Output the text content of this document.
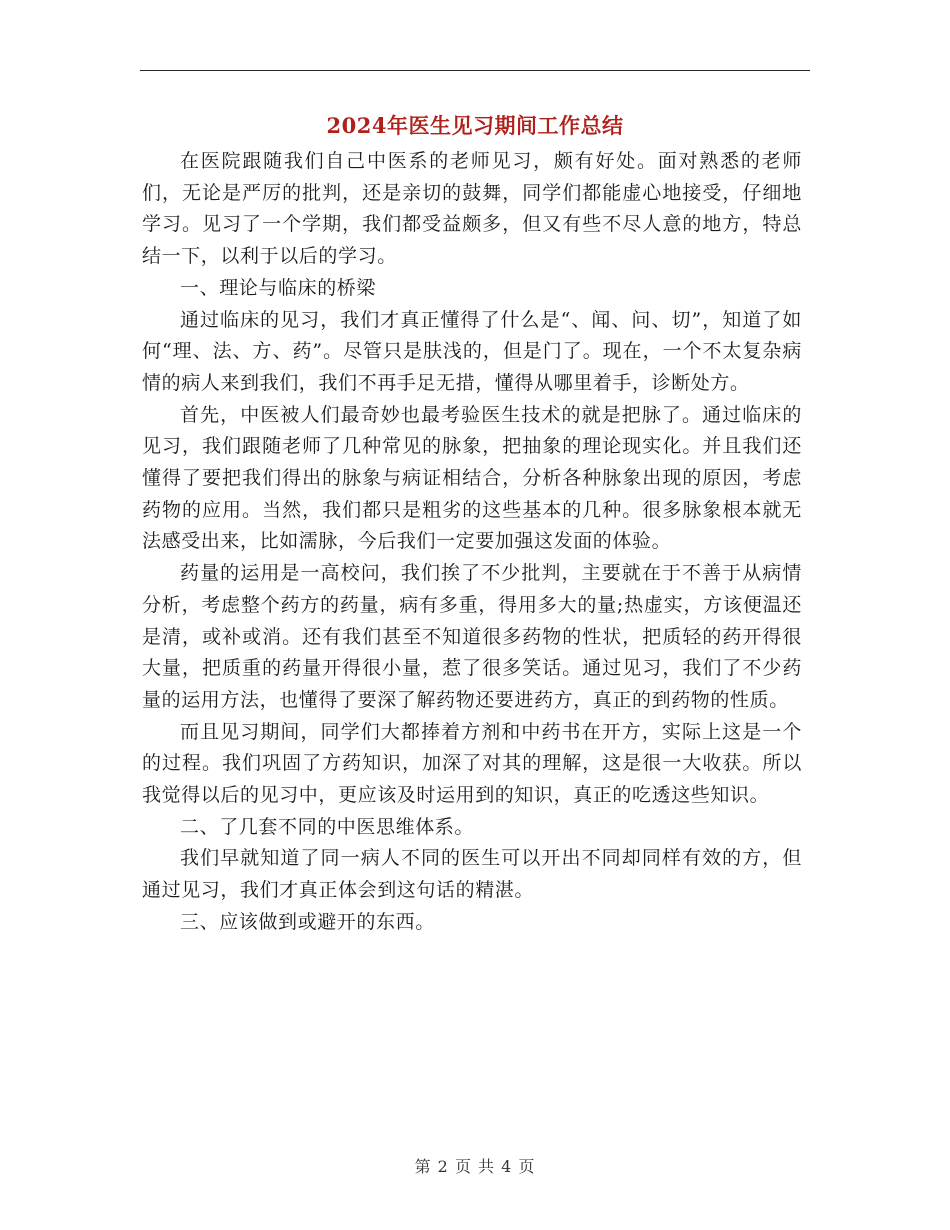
2024年医生见习期间工作总结

在医院跟随我们自己中医系的老师见习，颇有好处。面对熟悉的老师们，无论是严厉的批判，还是亲切的鼓舞，同学们都能虚心地接受，仔细地学习。见习了一个学期，我们都受益颇多，但又有些不尽人意的地方，特总结一下，以利于以后的学习。

一、理论与临床的桥梁

通过临床的见习，我们才真正懂得了什么是“、闻、问、切”，知道了如何“理、法、方、药”。尽管只是肤浅的，但是门了。现在，一个不太复杂病情的病人来到我们，我们不再手足无措，懂得从哪里着手，诊断处方。

首先，中医被人们最奇妙也最考验医生技术的就是把脉了。通过临床的见习，我们跟随老师了几种常见的脉象，把抽象的理论现实化。并且我们还懂得了要把我们得出的脉象与病证相结合，分析各种脉象出现的原因，考虑药物的应用。当然，我们都只是粗劣的这些基本的几种。很多脉象根本就无法感受出来，比如濡脉，今后我们一定要加强这发面的体验。

药量的运用是一高校问，我们挨了不少批判，主要就在于不善于从病情分析，考虑整个药方的药量，病有多重，得用多大的量;热虚实，方该便温还是清，或补或消。还有我们甚至不知道很多药物的性状，把质轻的药开得很大量，把质重的药量开得很小量，惹了很多笑话。通过见习，我们了不少药量的运用方法，也懂得了要深了解药物还要进药方，真正的到药物的性质。

而且见习期间，同学们大都捧着方剂和中药书在开方，实际上这是一个的过程。我们巩固了方药知识，加深了对其的理解，这是很一大收获。所以我觉得以后的见习中，更应该及时运用到的知识，真正的吃透这些知识。

二、了几套不同的中医思维体系。

我们早就知道了同一病人不同的医生可以开出不同却同样有效的方，但通过见习，我们才真正体会到这句话的精湛。

三、应该做到或避开的东西。

第 2 页 共 4 页
